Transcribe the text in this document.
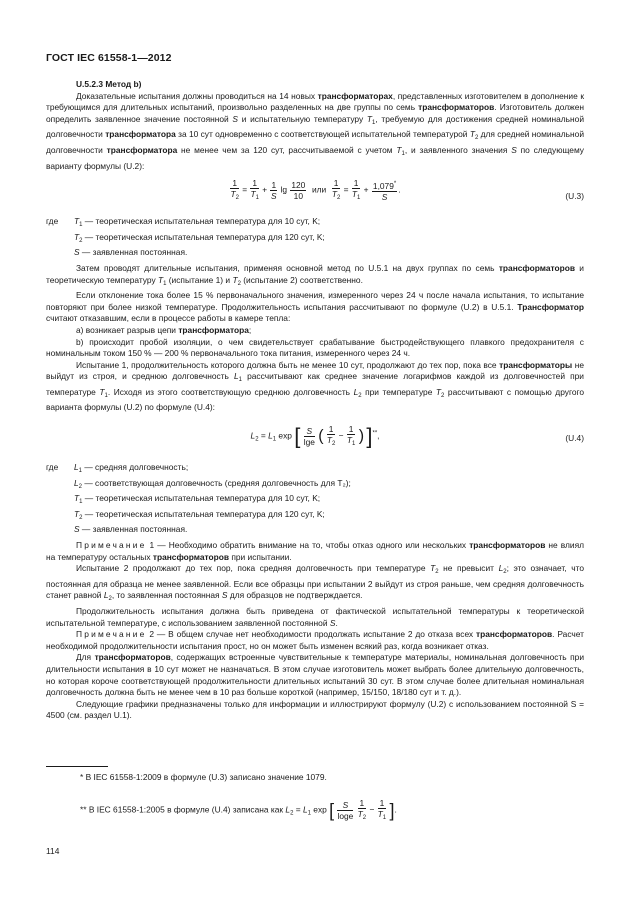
ГОСТ IEC 61558-1—2012

U.5.2.3 Метод b)

Доказательные испытания должны проводиться на 14 новых трансформаторах, представленных изготовителем в дополнение к требующимся для длительных испытаний, произвольно разделенных на две группы по семь трансформаторов. Изготовитель должен определить заявленное значение постоянной S и испытательную температуру $T_1$, требуемую для достижения средней номинальной долговечности трансформатора за 10 сут одновременно с соответствующей испытательной температурой $T_2$ для средней номинальной долговечности трансформатора не менее чем за 120 сут, рассчитываемой с учетом $T_1$, и заявленного значения S по следующему варианту формулы (U.2):

$\frac{1}{T_2} = \frac{1}{T_1} + \frac{1}{S}$ $\lg \frac{120}{10}$ или $\frac{1}{T_2} = \frac{1}{T_1} + \frac{1,079^*}{S}$ .
(U.3)
где	$T_1$ — теоретическая испытательная температура для 10 сут, K;
$T_2$ — теоретическая испытательная температура для 120 сут, K;
S — заявленная постоянная.

Затем проводят длительные испытания, применяя основной метод по U.5.1 на двух группах по семь трансформаторов и теоретическую температуру $T_1$ (испытание 1) и $T_2$ (испытание 2) соответственно.

Если отклонение тока более 15 % первоначального значения, измеренного через 24 ч после начала испытания, то испытание повторяют при более низкой температуре. Продолжительность испытания рассчитывают по формуле (U.2) в U.5.1. Трансформатор считают отказавшим, если в процессе работы в камере тепла:

а) возникает разрыв цепи трансформатора;

b) происходит пробой изоляции, о чем свидетельствует срабатывание быстродействующего плавкого предохранителя с номинальным током 150 % — 200 % первоначального тока питания, измеренного через 24 ч.

Испытание 1, продолжительность которого должна быть не менее 10 сут, продолжают до тех пор, пока все трансформаторы не выйдут из строя, и среднюю долговечность $L_1$ рассчитывают как среднее значение логарифмов каждой из долговечностей при температуре $T_1$. Исходя из этого соответствующую среднюю долговечность $L_2$ при температуре $T_2$ рассчитывают с помощью другого варианта формулы (U.2) по формуле (U.4):

$L_2 = L_1$ exp [ $\frac{S}{\lg e}$ ( $\frac{1}{T_2} - \frac{1}{T_1}$ ) ]**,	(U.4)
где	$L_1$ — средняя долговечность;
$L_2$ — соответствующая долговечность (средняя долговечность для T₂);
$T_1$ — теоретическая испытательная температура для 10 сут, K;
$T_2$ — теоретическая испытательная температура для 120 сут, K;
S — заявленная постоянная.

Примечание 1 — Необходимо обратить внимание на то, чтобы отказ одного или нескольких трансформаторов не влиял на температуру остальных трансформаторов при испытании.

Испытание 2 продолжают до тех пор, пока средняя долговечность при температуре $T_2$ не превысит $L_2$; это означает, что постоянная для образца не менее заявленной. Если все образцы при испытании 2 выйдут из строя раньше, чем средняя долговечность станет равной $L_2$, то заявленная постоянная S для образцов не подтверждается.

Продолжительность испытания должна быть приведена от фактической испытательной температуры к теоретической испытательной температуре, с использованием заявленной постоянной S.

Примечание 2 — В общем случае нет необходимости продолжать испытание 2 до отказа всех трансформаторов. Расчет необходимой продолжительности испытания прост, но он может быть изменен всякий раз, когда возникает отказ.

Для трансформаторов, содержащих встроенные чувствительные к температуре материалы, номинальная долговечность при длительности испытания в 10 сут может не назначаться. В этом случае изготовитель может выбрать более длительную долговечность, но которая короче соответствующей продолжительности длительных испытаний 30 сут. В этом случае более длительная номинальная долговечность должна быть не менее чем в 10 раз больше короткой (например, 15/150, 18/180 сут и т. д.).

Следующие графики предназначены только для информации и иллюстрируют формулу (U.2) с использованием постоянной S = 4500 (см. раздел U.1).

* В IEC 61558-1:2009 в формуле (U.3) записано значение 1079.
** В IEC 61558-1:2005 в формуле (U.4) записана как $L_2 = L_1$ exp [ $\frac{S}{\log e}$
$\frac{1}{T_2} - \frac{1}{T_1}$ ].
114
